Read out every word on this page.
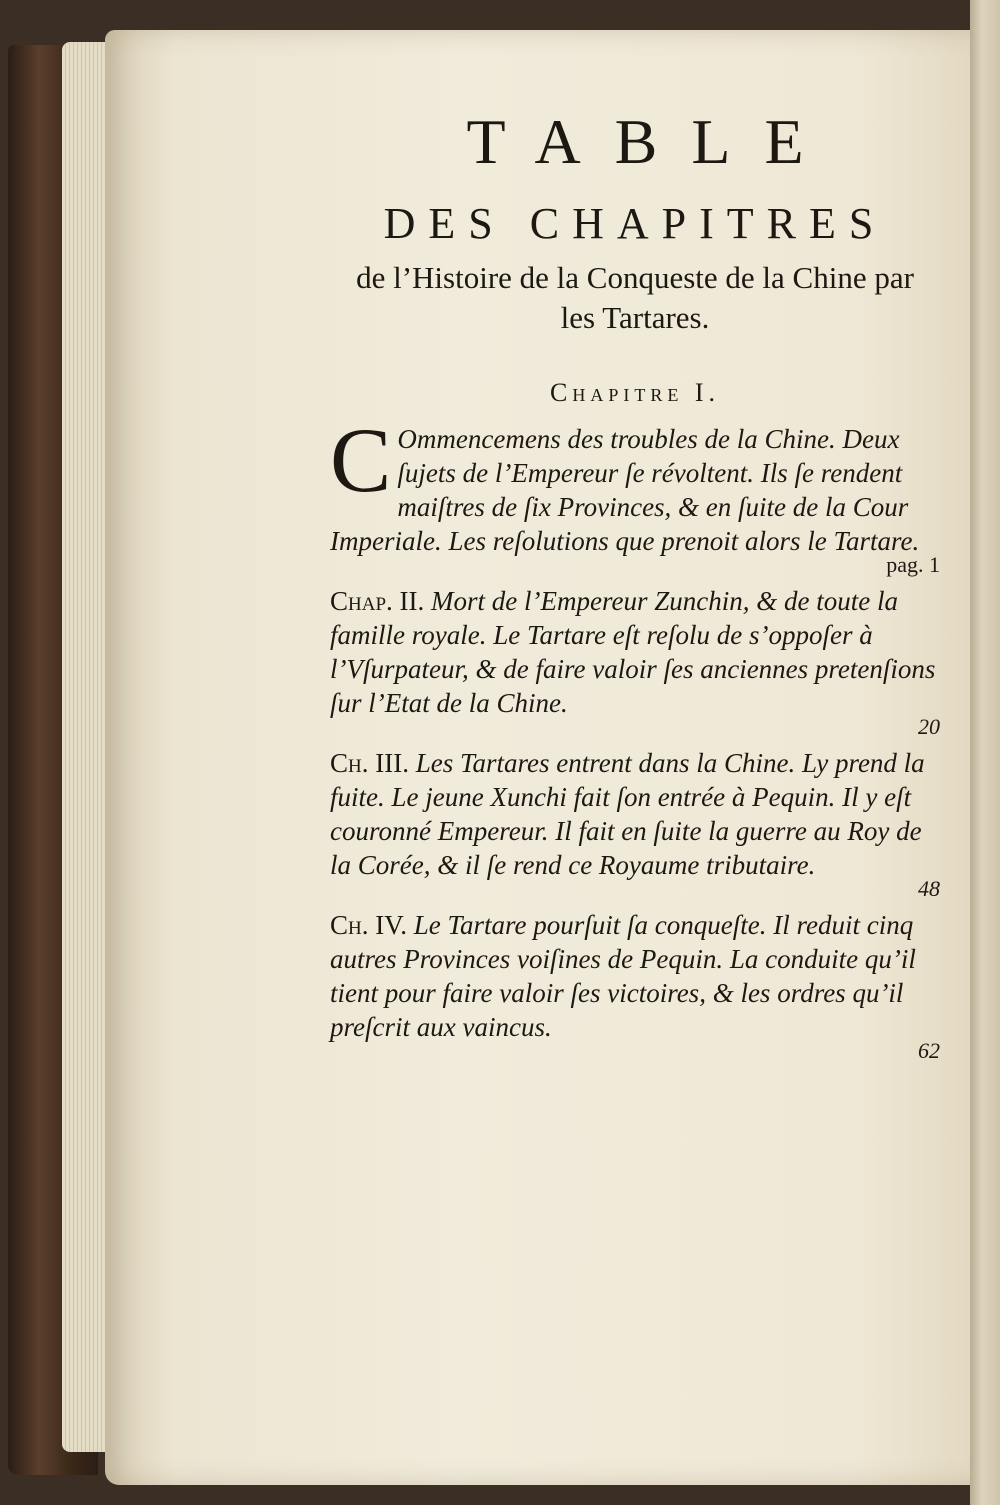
TABLE
DES CHAPITRES

de l’Histoire de la Conqueste de la Chine par les Tartares.

Chapitre I.
C Ommencemens des troubles de la Chine. Deux ſujets de l’Empereur ſe révoltent. Ils ſe rendent maiſtres de ſix Provinces, & en ſuite de la Cour Imperiale. Les reſolutions que prenoit alors le Tartare.
pag. 1
Chap. II. Mort de l’Empereur Zunchin, & de toute la famille royale. Le Tartare eſt reſolu de s’oppoſer à l’Vſurpateur, & de faire valoir ſes anciennes pretenſions ſur l’Etat de la Chine.
20
Ch. III. Les Tartares entrent dans la Chine. Ly prend la fuite. Le jeune Xunchi fait ſon entrée à Pequin. Il y eſt couronné Empereur. Il fait en ſuite la guerre au Roy de la Corée, & il ſe rend ce Royaume tributaire.
48
Ch. IV. Le Tartare pourſuit ſa conqueſte. Il reduit cinq autres Provinces voiſines de Pequin. La conduite qu’il tient pour faire valoir ſes victoires, & les ordres qu’il preſcrit aux vaincus.
62
